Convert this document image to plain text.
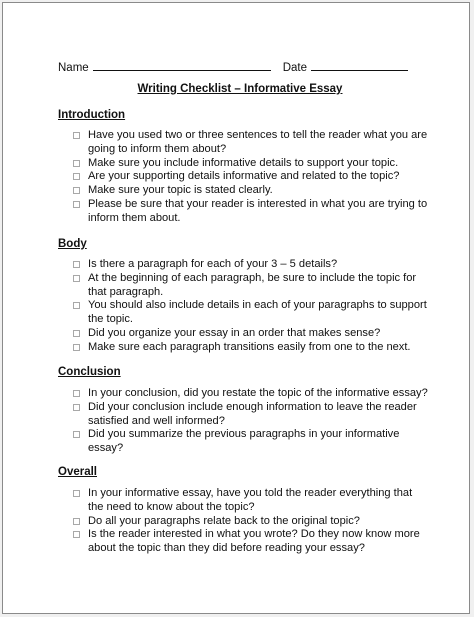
Name	Date
Writing Checklist – Informative Essay
Introduction
Have you used two or three sentences to tell the reader what you are going to inform them about?
Make sure you include informative details to support your topic.
Are your supporting details informative and related to the topic?
Make sure your topic is stated clearly.
Please be sure that your reader is interested in what you are trying to inform them about.
Body
Is there a paragraph for each of your 3 – 5 details?
At the beginning of each paragraph, be sure to include the topic for that paragraph.
You should also include details in each of your paragraphs to support the topic.
Did you organize your essay in an order that makes sense?
Make sure each paragraph transitions easily from one to the next.
Conclusion
In your conclusion, did you restate the topic of the informative essay?
Did your conclusion include enough information to leave the reader satisfied and well informed?
Did you summarize the previous paragraphs in your informative essay?
Overall
In your informative essay, have you told the reader everything that the need to know about the topic?
Do all your paragraphs relate back to the original topic?
Is the reader interested in what you wrote? Do they now know more about the topic than they did before reading your essay?
